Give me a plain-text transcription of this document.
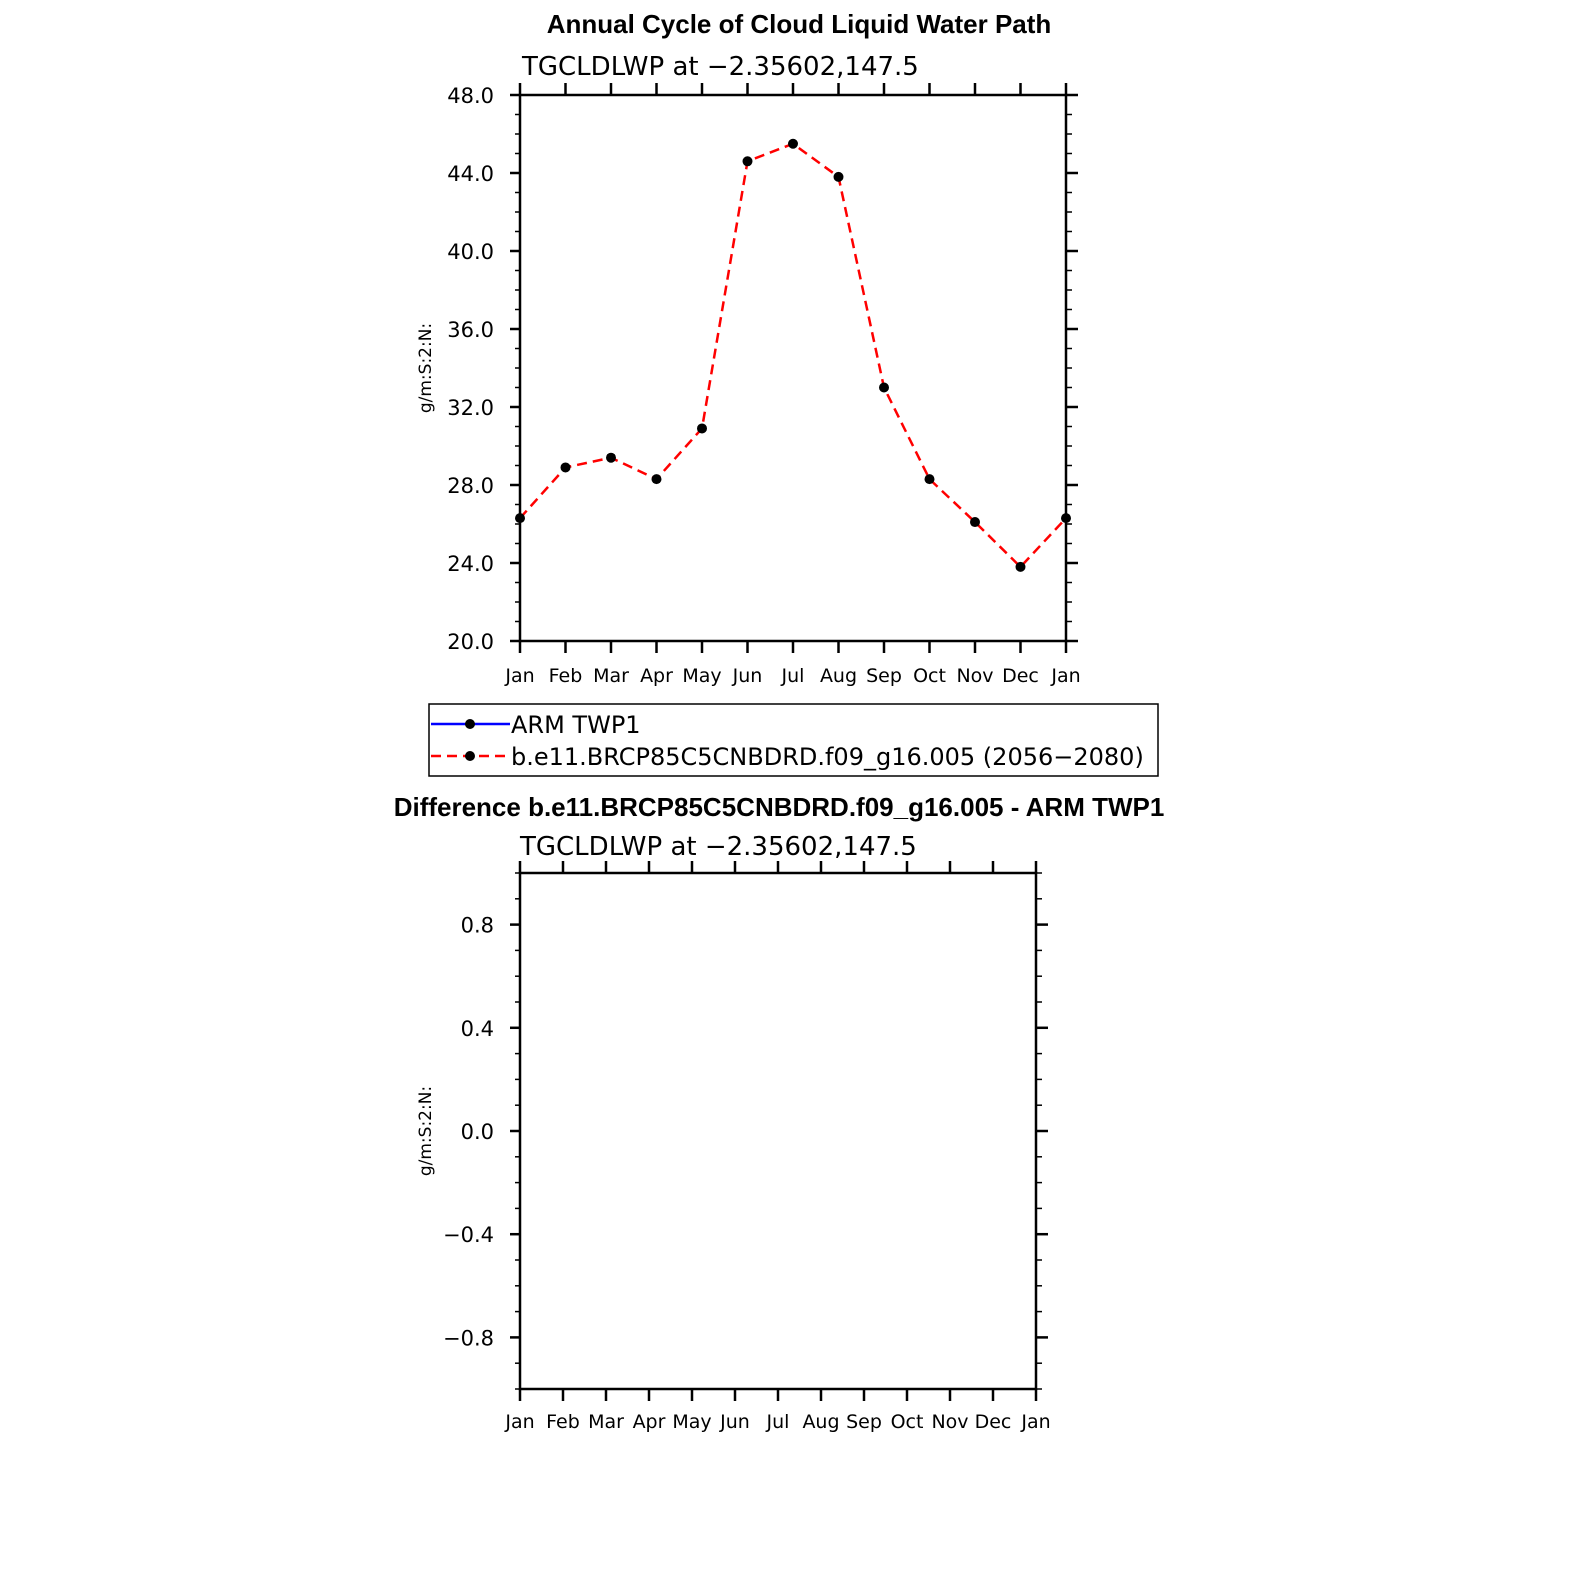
Annual Cycle of Cloud Liquid Water Path
TGCLDLWP at −2.35602,147.5
g/m:S:2:N:
48.0
44.0
40.0
36.0
32.0
28.0
24.0
20.0
Jan Feb Mar Apr May Jun Jul Aug Sep Oct Nov Dec Jan
ARM TWP1
b.e11.BRCP85C5CNBDRD.f09_g16.005 (2056−2080)
Difference b.e11.BRCP85C5CNBDRD.f09_g16.005 - ARM TWP1
TGCLDLWP at −2.35602,147.5
g/m:S:2:N:
0.8
0.4
0.0
−0.4
−0.8
Jan Feb Mar Apr May Jun Jul Aug Sep Oct Nov Dec Jan
